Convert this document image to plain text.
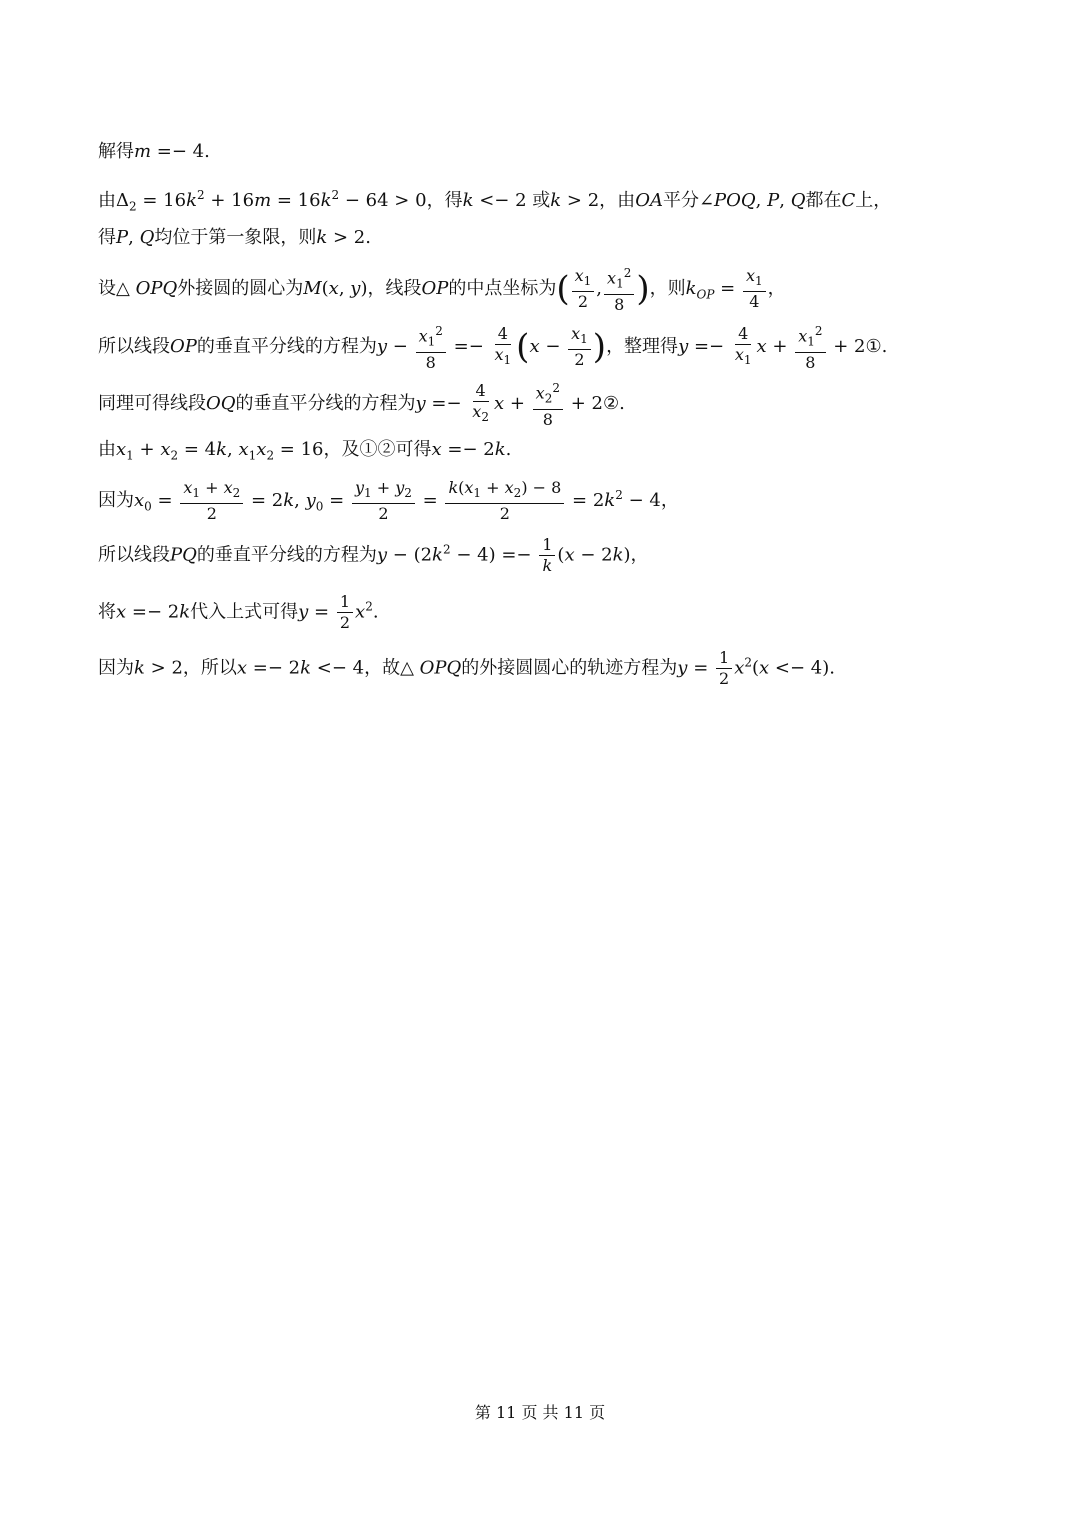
解得m =− 4.
由$\Delta_2 = 16k^2 + 16m = 16k^2 - 64 > 0$，得k <− 2 或k > 2，由OA平分∠POQ, P, Q都在C上，
得P, Q均位于第一象限，则k > 2.
设△ OPQ外接圆的圆心为M(x, y)，线段OP的中点坐标为( $\frac{x_1}{2}$ , $\frac{x_1^2}{8}$ )，则$k_{OP} = \frac{x_1}{4}$ ，
所以线段OP的垂直平分线的方程为$y - \frac{x_1^2}{8} =- \frac{4}{x_1} (x - \frac{x_1}{2}$ )，整理得$y =- \frac{4}{x_1}$ $x + \frac{x_1^2}{8}$ + 2①.
同理可得线段OQ的垂直平分线的方程为$y =- \frac{4}{x_2}$ $x + \frac{x_2^2}{8}$ + 2②.
由$x_1 + x_2 = 4k$, $x_1x_2 = 16$，及①②可得x =− 2k.
因为$x_0 = \frac{x_1 + x_2}{2} = 2k$, $y_0 = \frac{y_1 + y_2}{2} = \frac{k(x_1 + x_2) - 8}{2} = 2k^2 - 4$，
所以线段PQ的垂直平分线的方程为$y - (2k^2 - 4) =- \frac{1}{k} (x - 2k)$，
将x =− 2k代入上式可得$y = \frac{1}{2} x^2$.
因为k > 2，所以x =− 2k <− 4，故△ OPQ的外接圆圆心的轨迹方程为$y = \frac{1}{2} x^2(x <- 4)$.
第 11 页 共 11 页
